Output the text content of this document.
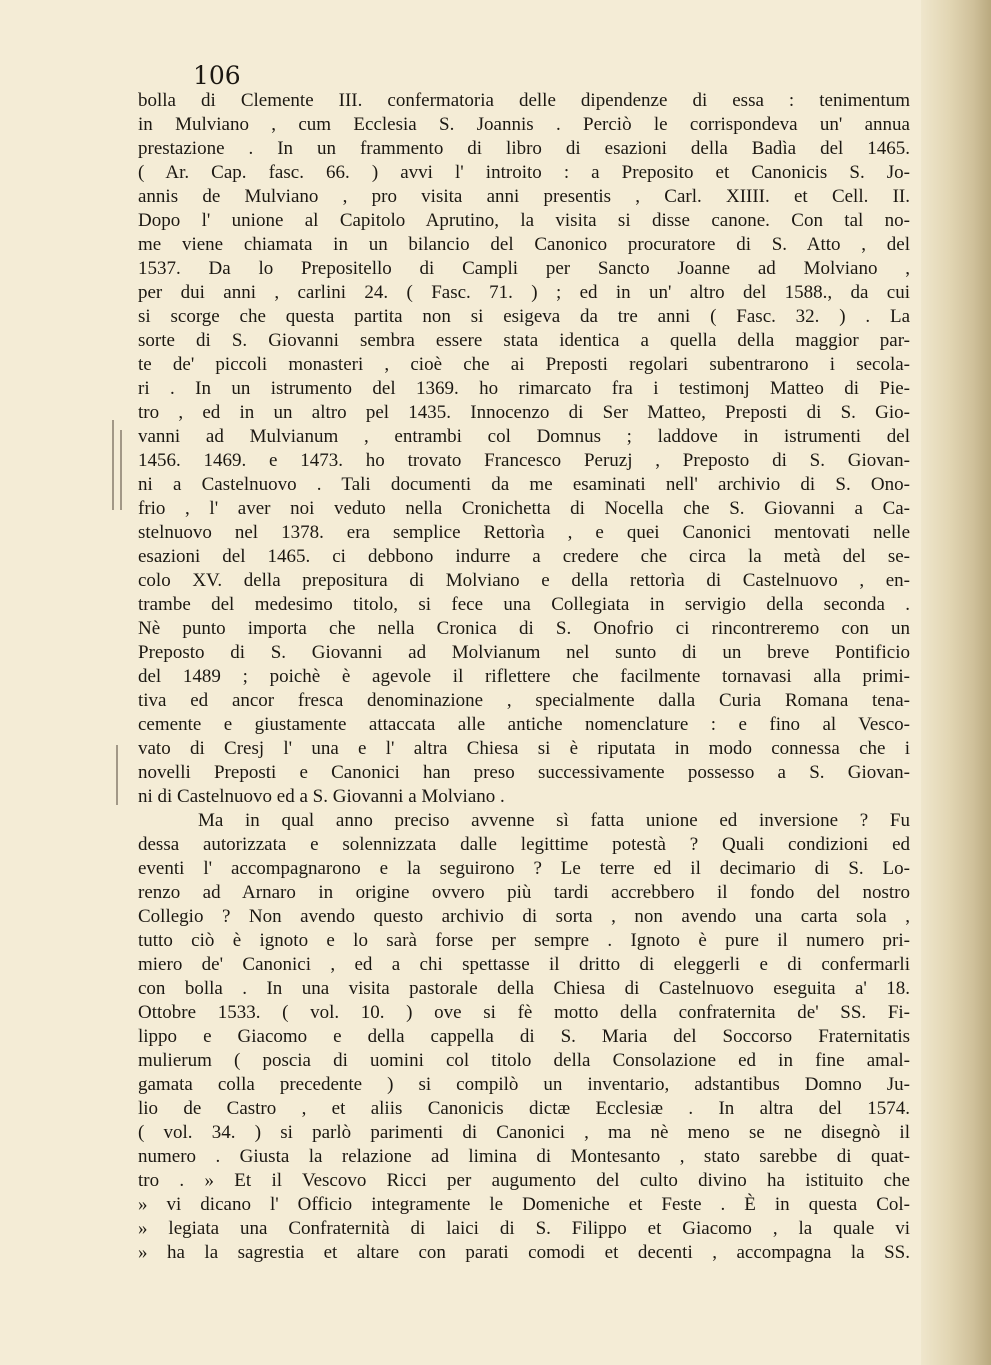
106
bolla di Clemente III. confermatoria delle dipendenze di essa : tenimentum
in Mulviano , cum Ecclesia S. Joannis . Perciò le corrispondeva un' annua
prestazione . In un frammento di libro di esazioni della Badìa del 1465.
( Ar. Cap. fasc. 66. ) avvi l' introito : a Preposito et Canonicis S. Jo-
annis de Mulviano , pro visita anni presentis , Carl. XIIII. et Cell. II.
Dopo l' unione al Capitolo Aprutino, la visita si disse canone. Con tal no-
me viene chiamata in un bilancio del Canonico procuratore di S. Atto , del
1537. Da lo Prepositello di Campli per Sancto Joanne ad Molviano ,
per dui anni , carlini 24. ( Fasc. 71. ) ; ed in un' altro del 1588., da cui
si scorge che questa partita non si esigeva da tre anni ( Fasc. 32. ) . La
sorte di S. Giovanni sembra essere stata identica a quella della maggior par-
te de' piccoli monasteri , cioè che ai Preposti regolari subentrarono i secola-
ri . In un istrumento del 1369. ho rimarcato fra i testimonj Matteo di Pie-
tro , ed in un altro pel 1435. Innocenzo di Ser Matteo, Preposti di S. Gio-
vanni ad Mulvianum , entrambi col Domnus ; laddove in istrumenti del
1456. 1469. e 1473. ho trovato Francesco Peruzj , Preposto di S. Giovan-
ni a Castelnuovo . Tali documenti da me esaminati nell' archivio di S. Ono-
frio , l' aver noi veduto nella Cronichetta di Nocella che S. Giovanni a Ca-
stelnuovo nel 1378. era semplice Rettorìa , e quei Canonici mentovati nelle
esazioni del 1465. ci debbono indurre a credere che circa la metà del se-
colo XV. della prepositura di Molviano e della rettorìa di Castelnuovo , en-
trambe del medesimo titolo, si fece una Collegiata in servigio della seconda .
Nè punto importa che nella Cronica di S. Onofrio ci rincontreremo con un
Preposto di S. Giovanni ad Molvianum nel sunto di un breve Pontificio
del 1489 ; poichè è agevole il riflettere che facilmente tornavasi alla primi-
tiva ed ancor fresca denominazione , specialmente dalla Curia Romana tena-
cemente e giustamente attaccata alle antiche nomenclature : e fino al Vesco-
vato di Cresj l' una e l' altra Chiesa si è riputata in modo connessa che i
novelli Preposti e Canonici han preso successivamente possesso a S. Giovan-
ni di Castelnuovo ed a S. Giovanni a Molviano .
Ma in qual anno preciso avvenne sì fatta unione ed inversione ? Fu
dessa autorizzata e solennizzata dalle legittime potestà ? Quali condizioni ed
eventi l' accompagnarono e la seguirono ? Le terre ed il decimario di S. Lo-
renzo ad Arnaro in origine ovvero più tardi accrebbero il fondo del nostro
Collegio ? Non avendo questo archivio di sorta , non avendo una carta sola ,
tutto ciò è ignoto e lo sarà forse per sempre . Ignoto è pure il numero pri-
miero de' Canonici , ed a chi spettasse il dritto di eleggerli e di confermarli
con bolla . In una visita pastorale della Chiesa di Castelnuovo eseguita a' 18.
Ottobre 1533. ( vol. 10. ) ove si fè motto della confraternita de' SS. Fi-
lippo e Giacomo e della cappella di S. Maria del Soccorso Fraternitatis
mulierum ( poscia di uomini col titolo della Consolazione ed in fine amal-
gamata colla precedente ) si compilò un inventario, adstantibus Domno Ju-
lio de Castro , et aliis Canonicis dictæ Ecclesiæ . In altra del 1574.
( vol. 34. ) si parlò parimenti di Canonici , ma nè meno se ne disegnò il
numero . Giusta la relazione ad limina di Montesanto , stato sarebbe di quat-
tro . » Et il Vescovo Ricci per augumento del culto divino ha istituito che
» vi dicano l' Officio integramente le Domeniche et Feste . È in questa Col-
» legiata una Confraternità di laici di S. Filippo et Giacomo , la quale vi
» ha la sagrestia et altare con parati comodi et decenti , accompagna la SS.
